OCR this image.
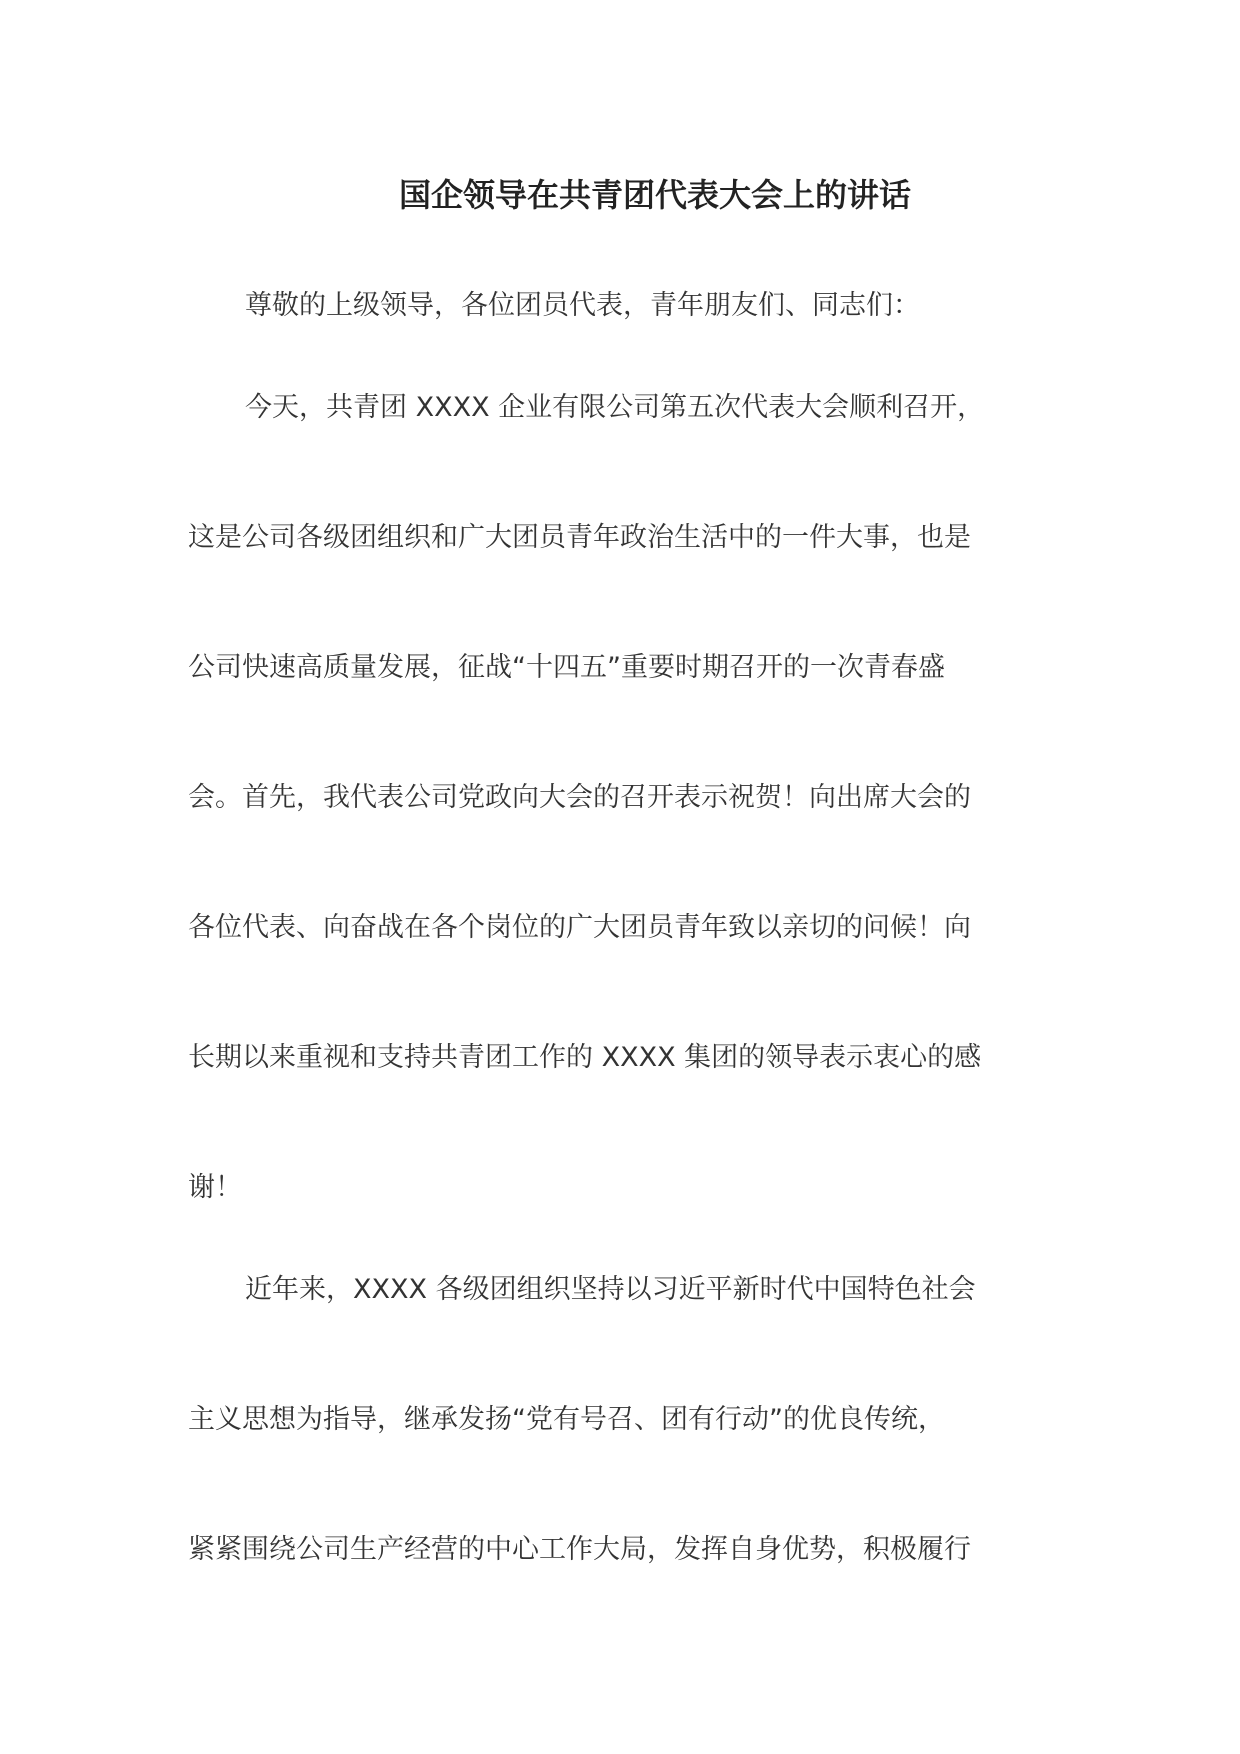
国企领导在共青团代表大会上的讲话
尊敬的上级领导，各位团员代表，青年朋友们、同志们：
今天，共青团 XXXX 企业有限公司第五次代表大会顺利召开，
这是公司各级团组织和广大团员青年政治生活中的一件大事，也是
公司快速高质量发展，征战“十四五”重要时期召开的一次青春盛
会。首先，我代表公司党政向大会的召开表示祝贺！向出席大会的
各位代表、向奋战在各个岗位的广大团员青年致以亲切的问候！向
长期以来重视和支持共青团工作的 XXXX 集团的领导表示衷心的感
谢！
近年来，XXXX 各级团组织坚持以习近平新时代中国特色社会
主义思想为指导，继承发扬“党有号召、团有行动”的优良传统，
紧紧围绕公司生产经营的中心工作大局，发挥自身优势，积极履行
